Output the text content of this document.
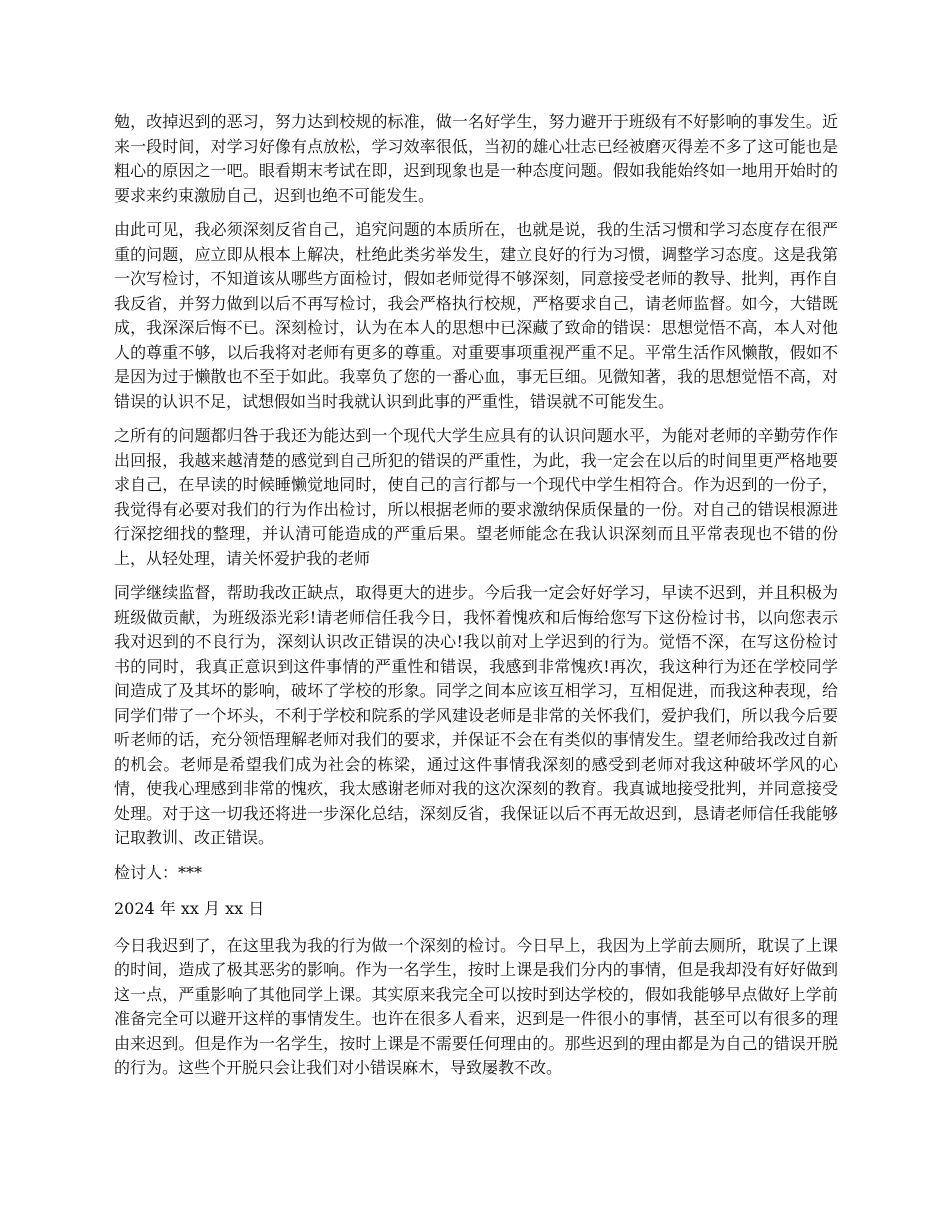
勉，改掉迟到的恶习，努力达到校规的标准，做一名好学生，努力避开于班级有不好影响的事发生。近来一段时间，对学习好像有点放松，学习效率很低，当初的雄心壮志已经被磨灭得差不多了这可能也是粗心的原因之一吧。眼看期末考试在即，迟到现象也是一种态度问题。假如我能始终如一地用开始时的要求来约束激励自己，迟到也绝不可能发生。

由此可见，我必须深刻反省自己，追究问题的本质所在，也就是说，我的生活习惯和学习态度存在很严重的问题，应立即从根本上解决，杜绝此类劣举发生，建立良好的行为习惯，调整学习态度。这是我第一次写检讨，不知道该从哪些方面检讨，假如老师觉得不够深刻，同意接受老师的教导、批判，再作自我反省，并努力做到以后不再写检讨，我会严格执行校规，严格要求自己，请老师监督。如今，大错既成，我深深后悔不已。深刻检讨，认为在本人的思想中已深藏了致命的错误：思想觉悟不高，本人对他人的尊重不够，以后我将对老师有更多的尊重。对重要事项重视严重不足。平常生活作风懒散，假如不是因为过于懒散也不至于如此。我辜负了您的一番心血，事无巨细。见微知著，我的思想觉悟不高，对错误的认识不足，试想假如当时我就认识到此事的严重性，错误就不可能发生。

之所有的问题都归咎于我还为能达到一个现代大学生应具有的认识问题水平，为能对老师的辛勤劳作作出回报，我越来越清楚的感觉到自己所犯的错误的严重性，为此，我一定会在以后的时间里更严格地要求自己，在早读的时候睡懒觉地同时，使自己的言行都与一个现代中学生相符合。作为迟到的一份子，我觉得有必要对我们的行为作出检讨，所以根据老师的要求激纳保质保量的一份。对自己的错误根源进行深挖细找的整理，并认清可能造成的严重后果。望老师能念在我认识深刻而且平常表现也不错的份上，从轻处理，请关怀爱护我的老师

同学继续监督，帮助我改正缺点，取得更大的进步。今后我一定会好好学习，早读不迟到，并且积极为班级做贡献，为班级添光彩!请老师信任我今日，我怀着愧疚和后悔给您写下这份检讨书，以向您表示我对迟到的不良行为，深刻认识改正错误的决心!我以前对上学迟到的行为。觉悟不深，在写这份检讨书的同时，我真正意识到这件事情的严重性和错误，我感到非常愧疚!再次，我这种行为还在学校同学间造成了及其坏的影响，破坏了学校的形象。同学之间本应该互相学习，互相促进，而我这种表现，给同学们带了一个坏头，不利于学校和院系的学风建设老师是非常的关怀我们，爱护我们，所以我今后要听老师的话，充分领悟理解老师对我们的要求，并保证不会在有类似的事情发生。望老师给我改过自新的机会。老师是希望我们成为社会的栋梁，通过这件事情我深刻的感受到老师对我这种破坏学风的心情，使我心理感到非常的愧疚，我太感谢老师对我的这次深刻的教育。我真诚地接受批判，并同意接受处理。对于这一切我还将进一步深化总结，深刻反省，我保证以后不再无故迟到，恳请老师信任我能够记取教训、改正错误。

检讨人：***

2024 年 xx 月 xx 日

今日我迟到了，在这里我为我的行为做一个深刻的检讨。今日早上，我因为上学前去厕所，耽误了上课的时间，造成了极其恶劣的影响。作为一名学生，按时上课是我们分内的事情，但是我却没有好好做到这一点，严重影响了其他同学上课。其实原来我完全可以按时到达学校的，假如我能够早点做好上学前准备完全可以避开这样的事情发生。也许在很多人看来，迟到是一件很小的事情，甚至可以有很多的理由来迟到。但是作为一名学生，按时上课是不需要任何理由的。那些迟到的理由都是为自己的错误开脱的行为。这些个开脱只会让我们对小错误麻木，导致屡教不改。
